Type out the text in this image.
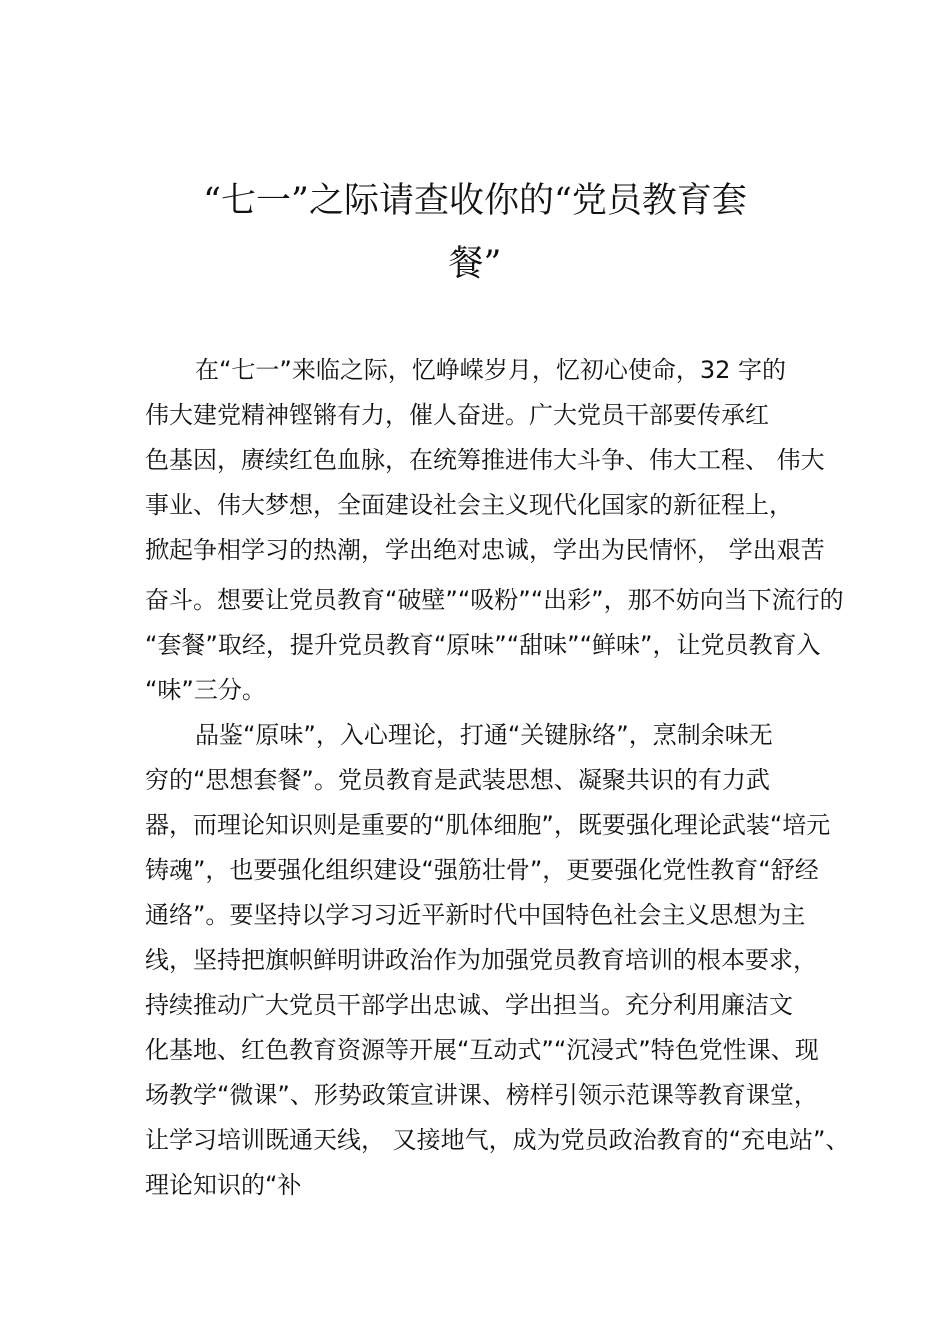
“七一”之际请查收你的“党员教育套
餐”
在“七一”来临之际，忆峥嵘岁月，忆初心使命，32 字的
伟大建党精神铿锵有力，催人奋进。广大党员干部要传承红
色基因，赓续红色血脉，在统筹推进伟大斗争、伟大工程、 伟大
事业、伟大梦想，全面建设社会主义现代化国家的新征程上，
掀起争相学习的热潮，学出绝对忠诚，学出为民情怀， 学出艰苦
奋斗。想要让党员教育“破壁”“吸粉”“出彩”，那不妨向当下流行的
“套餐”取经，提升党员教育“原味”“甜味”“鲜味”，让党员教育入
“味”三分。
品鉴“原味”，入心理论，打通“关键脉络”，烹制余味无
穷的“思想套餐”。党员教育是武装思想、凝聚共识的有力武
器，而理论知识则是重要的“肌体细胞”，既要强化理论武装“培元
铸魂”，也要强化组织建设“强筋壮骨”，更要强化党性教育“舒经
通络”。要坚持以学习习近平新时代中国特色社会主义思想为主
线，坚持把旗帜鲜明讲政治作为加强党员教育培训的根本要求，
持续推动广大党员干部学出忠诚、学出担当。充分利用廉洁文
化基地、红色教育资源等开展“互动式”“沉浸式”特色党性课、现
场教学“微课”、形势政策宣讲课、榜样引领示范课等教育课堂，
让学习培训既通天线， 又接地气，成为党员政治教育的“充电站”、
理论知识的“补
